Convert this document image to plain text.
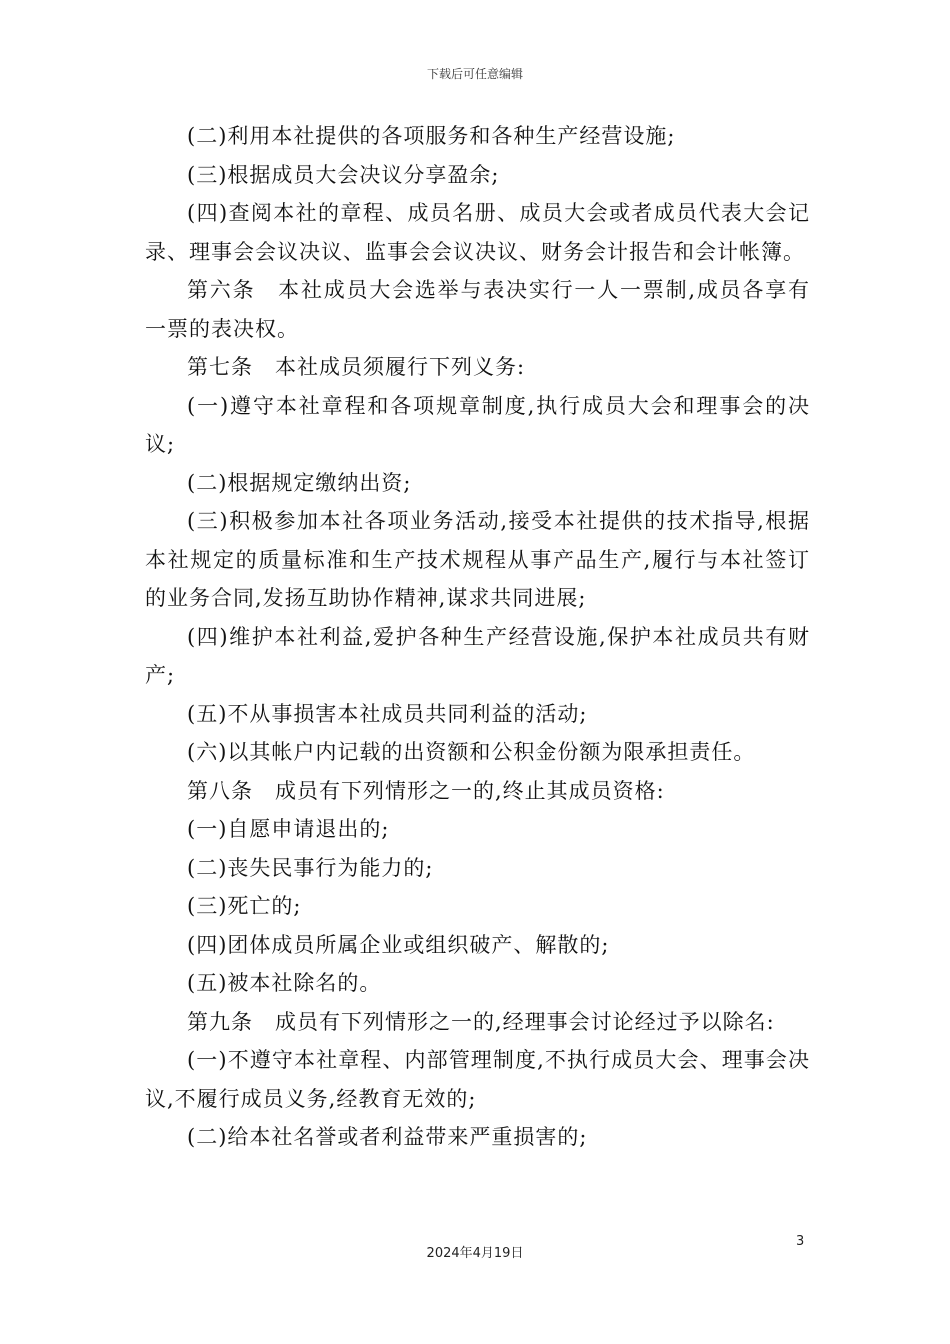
下载后可任意编辑

(二)利用本社提供的各项服务和各种生产经营设施;

(三)根据成员大会决议分享盈余;

(四)查阅本社的章程、成员名册、成员大会或者成员代表大会记录、理事会会议决议、监事会会议决议、财务会计报告和会计帐簿。

第六条　本社成员大会选举与表决实行一人一票制,成员各享有一票的表决权。

第七条　本社成员须履行下列义务:

(一)遵守本社章程和各项规章制度,执行成员大会和理事会的决议;

(二)根据规定缴纳出资;

(三)积极参加本社各项业务活动,接受本社提供的技术指导,根据本社规定的质量标准和生产技术规程从事产品生产,履行与本社签订的业务合同,发扬互助协作精神,谋求共同进展;

(四)维护本社利益,爱护各种生产经营设施,保护本社成员共有财产;

(五)不从事损害本社成员共同利益的活动;

(六)以其帐户内记载的出资额和公积金份额为限承担责任。

第八条　成员有下列情形之一的,终止其成员资格:

(一)自愿申请退出的;

(二)丧失民事行为能力的;

(三)死亡的;

(四)团体成员所属企业或组织破产、解散的;

(五)被本社除名的。

第九条　成员有下列情形之一的,经理事会讨论经过予以除名:

(一)不遵守本社章程、内部管理制度,不执行成员大会、理事会决议,不履行成员义务,经教育无效的;

(二)给本社名誉或者利益带来严重损害的;

3
2024年4月19日
